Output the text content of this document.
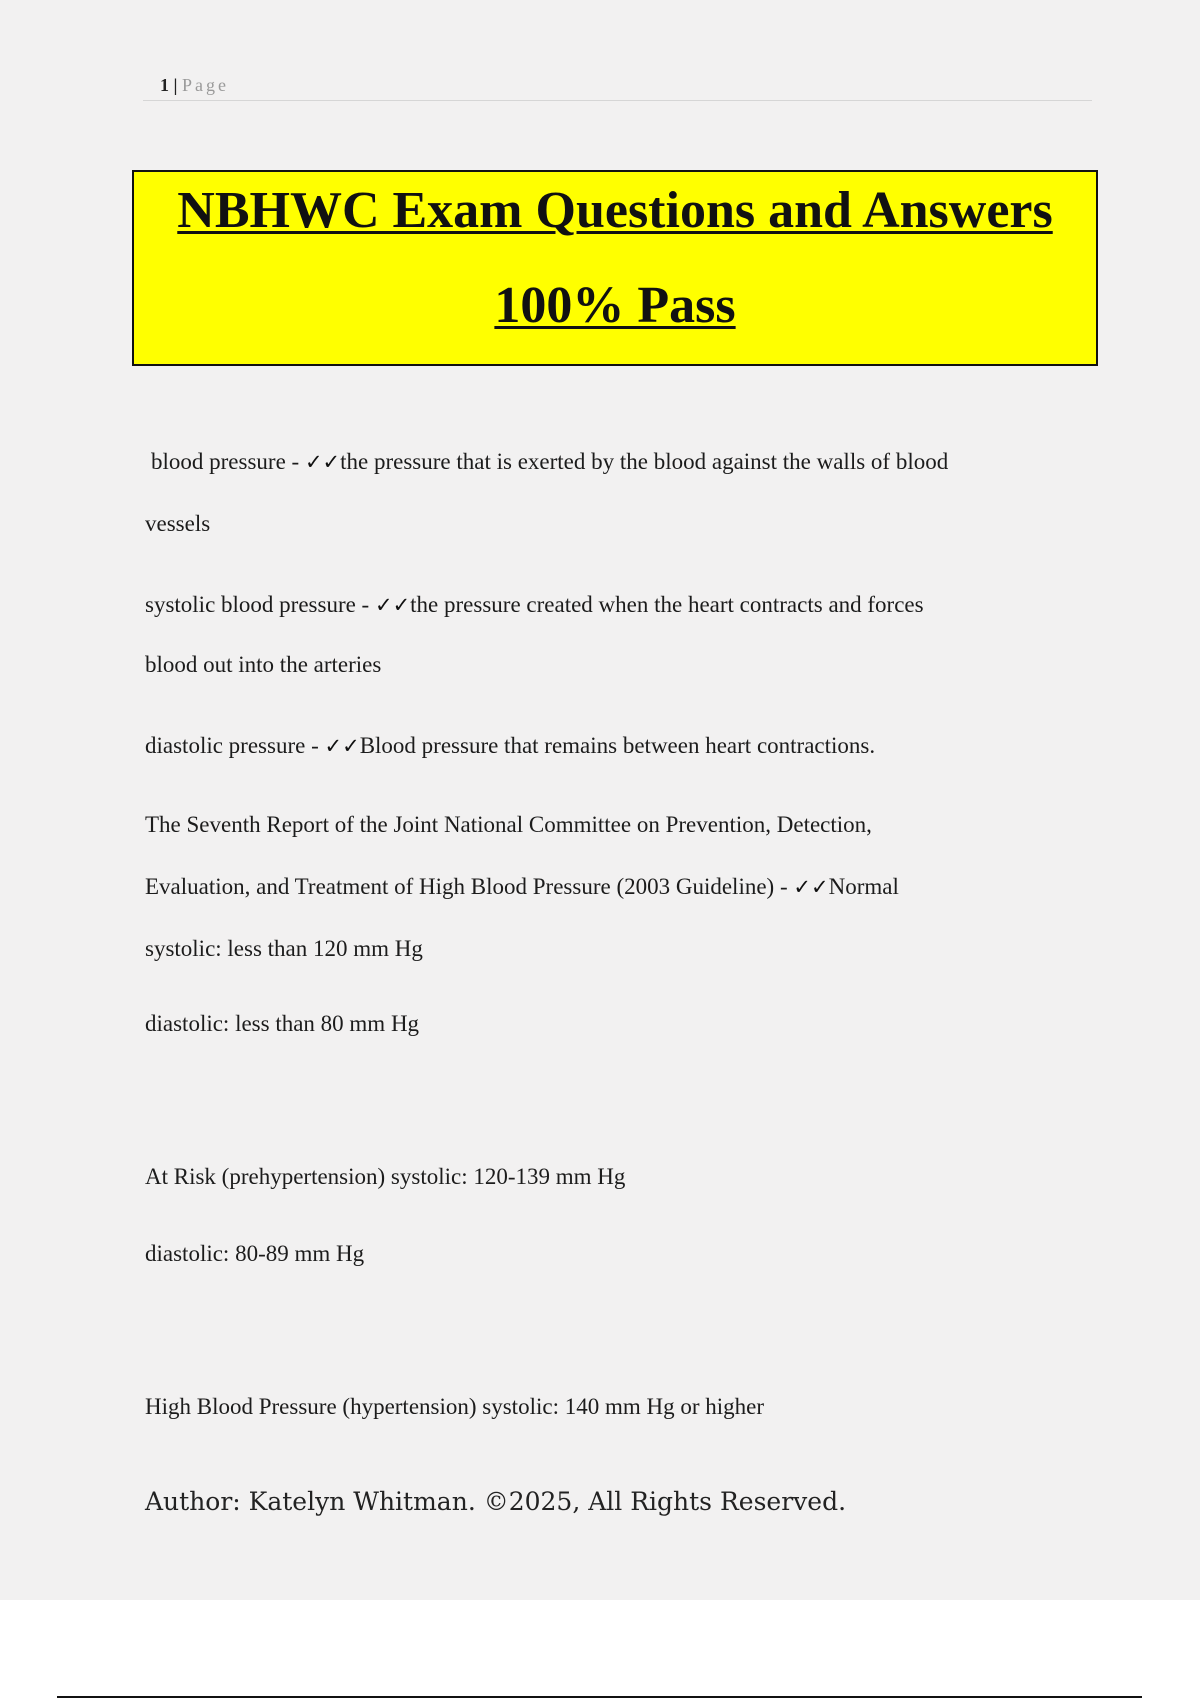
1 | Page
NBHWC Exam Questions and Answers
100% Pass
blood pressure - ✓✓the pressure that is exerted by the blood against the walls of blood
vessels
systolic blood pressure - ✓✓the pressure created when the heart contracts and forces
blood out into the arteries
diastolic pressure - ✓✓Blood pressure that remains between heart contractions.
The Seventh Report of the Joint National Committee on Prevention, Detection,
Evaluation, and Treatment of High Blood Pressure (2003 Guideline) - ✓✓Normal
systolic: less than 120 mm Hg
diastolic: less than 80 mm Hg
At Risk (prehypertension) systolic: 120-139 mm Hg
diastolic: 80-89 mm Hg
High Blood Pressure (hypertension) systolic: 140 mm Hg or higher
Author: Katelyn Whitman. ©2025, All Rights Reserved.
